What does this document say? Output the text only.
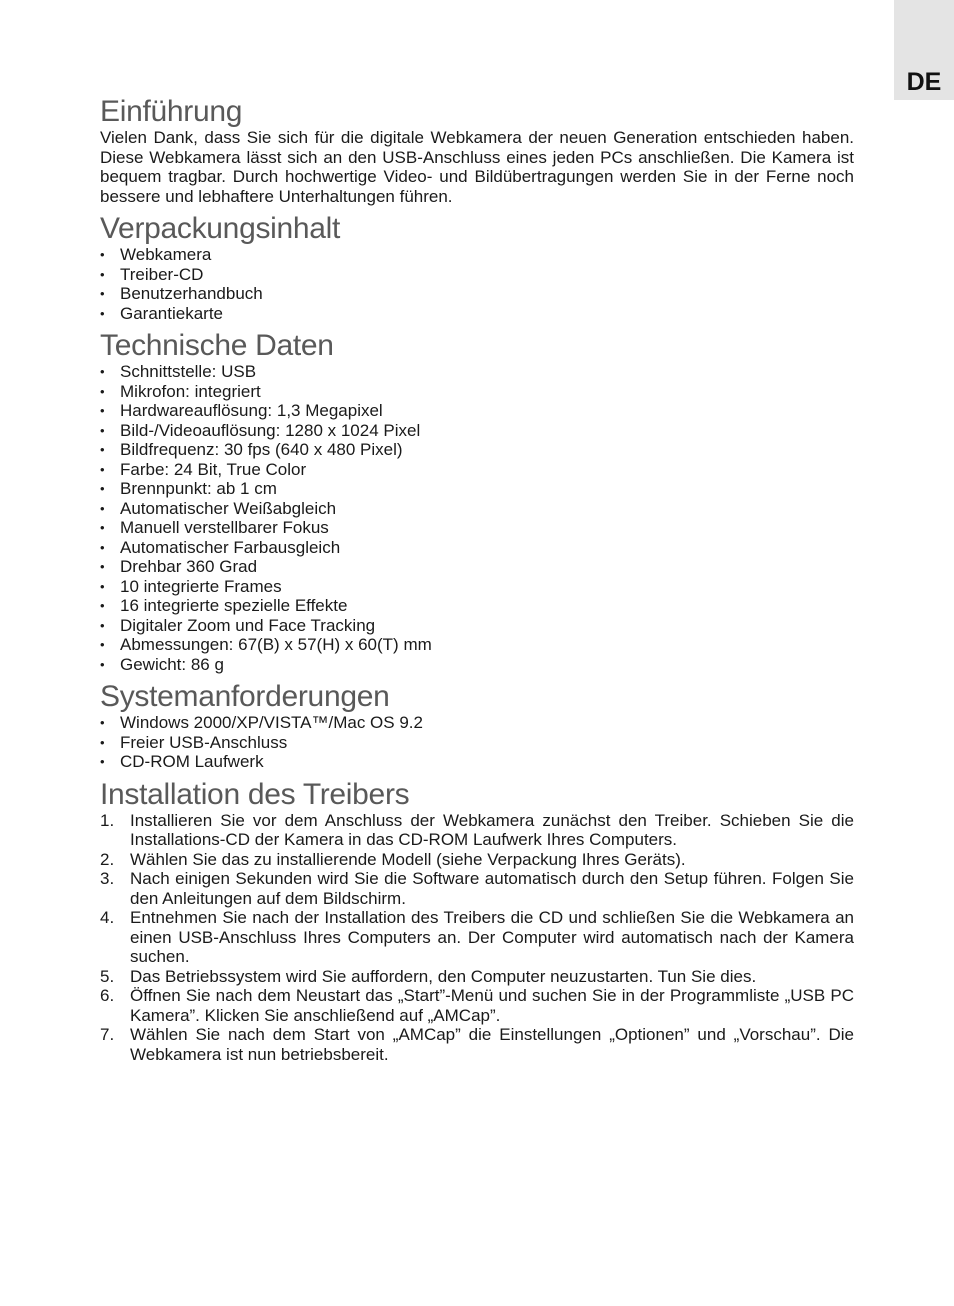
DE
Einführung

Vielen Dank, dass Sie sich für die digitale Webkamera der neuen Generation entschieden haben. Diese Webkamera lässt sich an den USB-Anschluss eines jeden PCs anschließen. Die Kamera ist bequem tragbar. Durch hochwertige Video- und Bildübertragungen werden Sie in der Ferne noch bessere und lebhaftere Unterhaltungen führen.

Verpackungsinhalt
• Webkamera
• Treiber-CD
• Benutzerhandbuch
• Garantiekarte
Technische Daten
• Schnittstelle: USB
• Mikrofon: integriert
• Hardwareauflösung: 1,3 Megapixel
• Bild-/Videoauflösung: 1280 x 1024 Pixel
• Bildfrequenz: 30 fps (640 x 480 Pixel)
• Farbe: 24 Bit, True Color
• Brennpunkt: ab 1 cm
• Automatischer Weißabgleich
• Manuell verstellbarer Fokus
• Automatischer Farbausgleich
• Drehbar 360 Grad
• 10 integrierte Frames
• 16 integrierte spezielle Effekte
• Digitaler Zoom und Face Tracking
• Abmessungen: 67(B) x 57(H) x 60(T) mm
• Gewicht: 86 g
Systemanforderungen
• Windows 2000/XP/VISTA™/Mac OS 9.2
• Freier USB-Anschluss
• CD-ROM Laufwerk
Installation des Treibers
1. Installieren Sie vor dem Anschluss der Webkamera zunächst den Treiber. Schieben Sie die Installations-CD der Kamera in das CD-ROM Laufwerk Ihres Computers.
2. Wählen Sie das zu installierende Modell (siehe Verpackung Ihres Geräts).
3. Nach einigen Sekunden wird Sie die Software automatisch durch den Setup führen. Folgen Sie den Anleitungen auf dem Bildschirm.
4. Entnehmen Sie nach der Installation des Treibers die CD und schließen Sie die Webkamera an einen USB-Anschluss Ihres Computers an. Der Computer wird automatisch nach der Kamera suchen.
5. Das Betriebssystem wird Sie auffordern, den Computer neuzustarten. Tun Sie dies.
6. Öffnen Sie nach dem Neustart das „Start”-Menü und suchen Sie in der Programmliste „USB PC Kamera”. Klicken Sie anschließend auf „AMCap”.
7. Wählen Sie nach dem Start von „AMCap” die Einstellungen „Optionen” und „Vorschau”. Die Webkamera ist nun betriebsbereit.
